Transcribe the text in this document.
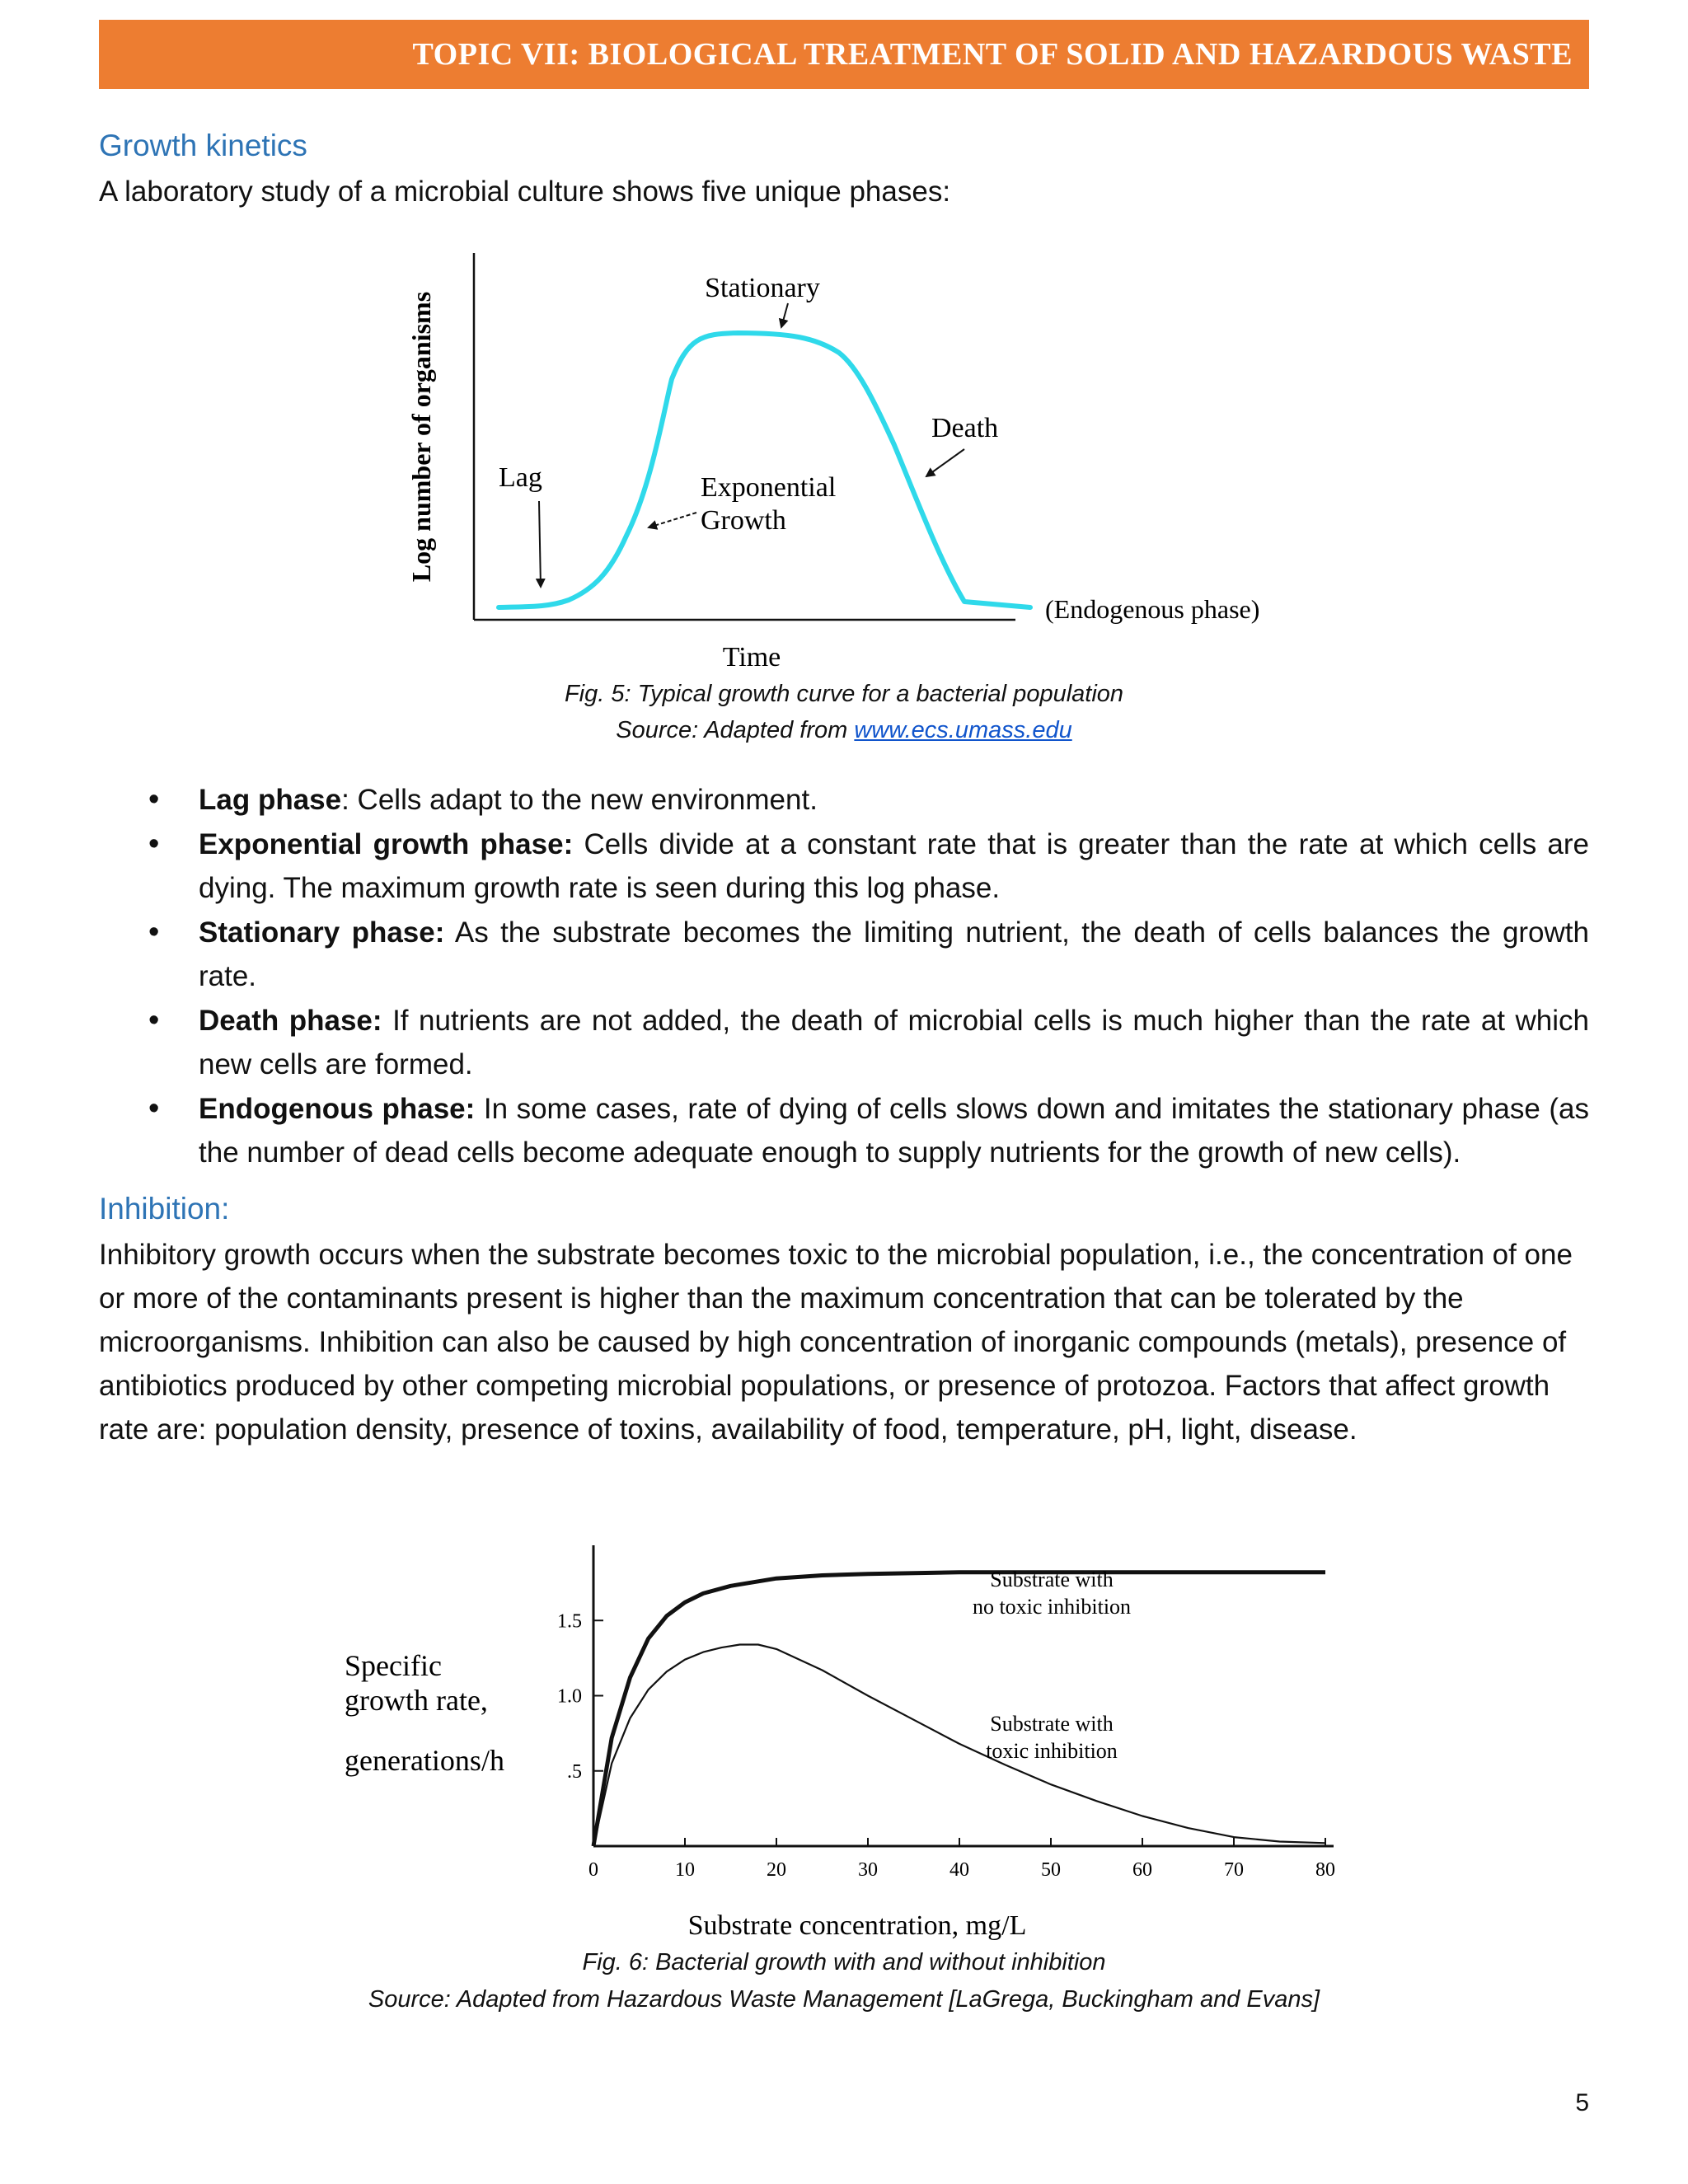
TOPIC VII: BIOLOGICAL TREATMENT OF SOLID AND HAZARDOUS WASTE
Growth kinetics

A laboratory study of a microbial culture shows five unique phases:

Stationary
Death
Lag	Exponential
Growth
(Endogenous phase)
Time
Log number of organisms
Fig. 5: Typical growth curve for a bacterial population
Source: Adapted from www.ecs.umass.edu
• Lag phase: Cells adapt to the new environment.
• Exponential growth phase: Cells divide at a constant rate that is greater than the rate at which cells are dying. The maximum growth rate is seen during this log phase.
• Stationary phase: As the substrate becomes the limiting nutrient, the death of cells balances the growth rate.
• Death phase: If nutrients are not added, the death of microbial cells is much higher than the rate at which new cells are formed.
• Endogenous phase: In some cases, rate of dying of cells slows down and imitates the stationary phase (as the number of dead cells become adequate enough to supply nutrients for the growth of new cells).
Inhibition:

Inhibitory growth occurs when the substrate becomes toxic to the microbial population, i.e., the concentration of one or more of the contaminants present is higher than the maximum concentration that can be tolerated by the microorganisms. Inhibition can also be caused by high concentration of inorganic compounds (metals), presence of antibiotics produced by other competing microbial populations, or presence of protozoa. Factors that affect growth rate are: population density, presence of toxins, availability of food, temperature, pH, light, disease.

0	10	20	30	40	50	60	70	80
.5
1.0
1.5
Substrate with
no toxic inhibition
Substrate with
toxic inhibition
Specific
growth rate,
generations/h
Substrate concentration, mg/L
Fig. 6: Bacterial growth with and without inhibition
Source: Adapted from Hazardous Waste Management [LaGrega, Buckingham and Evans]
5
